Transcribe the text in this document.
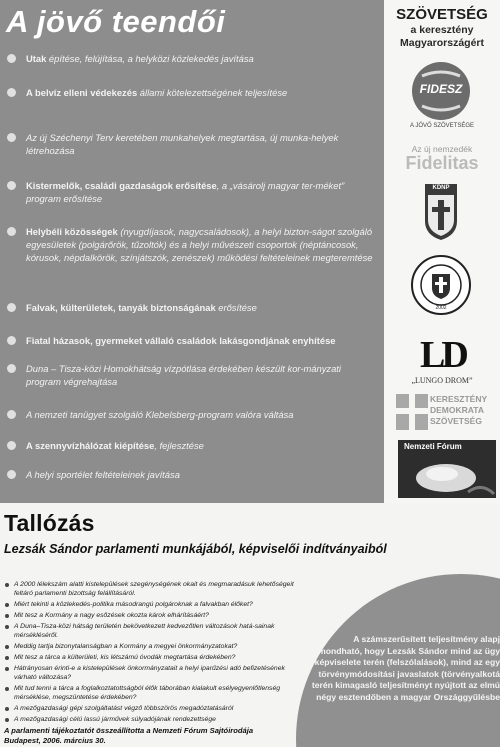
A jövő teendői
Utak építése, felújítása, a helyközi közlekedés javítása
A belvíz elleni védekezés állami kötelezettségének teljesítése
Az új Széchenyi Terv keretében munkahelyek megtartása, új munka-helyek létrehozása
Kistermelők, családi gazdaságok erősítése, a „vásárolj magyar ter-méket” program erősítése
Helybéli közösségek (nyugdíjasok, nagycsaládosok), a helyi bizton-ságot szolgáló egyesületek (polgárőrök, tűzoltók) és a helyi művészeti csoportok (néptáncosok, kórusok, népdalkörök, színjátszók, zenészek) működési feltételeinek megteremtése
Falvak, külterületek, tanyák biztonságának erősítése
Fiatal házasok, gyermeket vállaló családok lakásgondjának enyhítése
Duna – Tisza-közi Homokhátság vízpótlása érdekében készült kor-mányzati program végrehajtása
A nemzeti tanügyet szolgáló Klebelsberg-program valóra váltása
A szennyvízhálózat kiépítése, fejlesztése
A helyi sportélet feltételeinek javítása
SZÖVETSÉG
a keresztény
Magyarországért
FIDESZ
A JÖVŐ SZÖVETSÉGE
Az új nemzedék
Fidelitas
KDNP
2002
LD
„LUNGO DROM”
KERESZTÉNY
DEMOKRATA
SZÖVETSÉG
Nemzeti Fórum
Tallózás
Lezsák Sándor parlamenti munkájából, képviselői indítványaiból
A számszerűsített teljesítmény alapj
elmondható, hogy Lezsák Sándor mind az ügy
képviselete terén (felszólalások), mind az egy
törvénymódosítási javaslatok (törvényalkotá
terén kimagasló teljesítményt nyújtott az elmú
négy esztendőben a magyar Országgyűlésbe
A 2000 lélekszám alatti kistelepülések szegénységének okait és megmaradásuk lehetőségeit feltáró parlamenti bizottság felállításáról.
Miért tekinti a közlekedés-politika másodrangú polgároknak a falvakban élőket?
Mit tesz a Kormány a nagy esőzések okozta károk elhárításáért?
A Duna–Tisza-közi hátság területén bekövetkezett kedvezőtlen változások hatá-sainak mérsékléséről.
Meddig tartja bizonytalanságban a Kormány a megyei önkormányzatokat?
Mit tesz a tárca a külterületi, kis létszámú óvodák megtartása érdekében?
Hátrányosan érinti-e a kistelepülések önkormányzatait a helyi iparűzési adó befizetésének várható változása?
Mit tud tenni a tárca a foglalkoztatottságból élők táborában kialakult esélyegyenlőtlenség mérséklése, megszüntetése érdekében?
A mezőgazdasági gépi szolgáltatást végző többszörös megadóztatásáról
A mezőgazdasági célú lassú járművek súlyadójának rendezettsége
A parlamenti tájékoztatót összeállította a Nemzeti Fórum Sajtóirodája
Budapest, 2006. március 30.
